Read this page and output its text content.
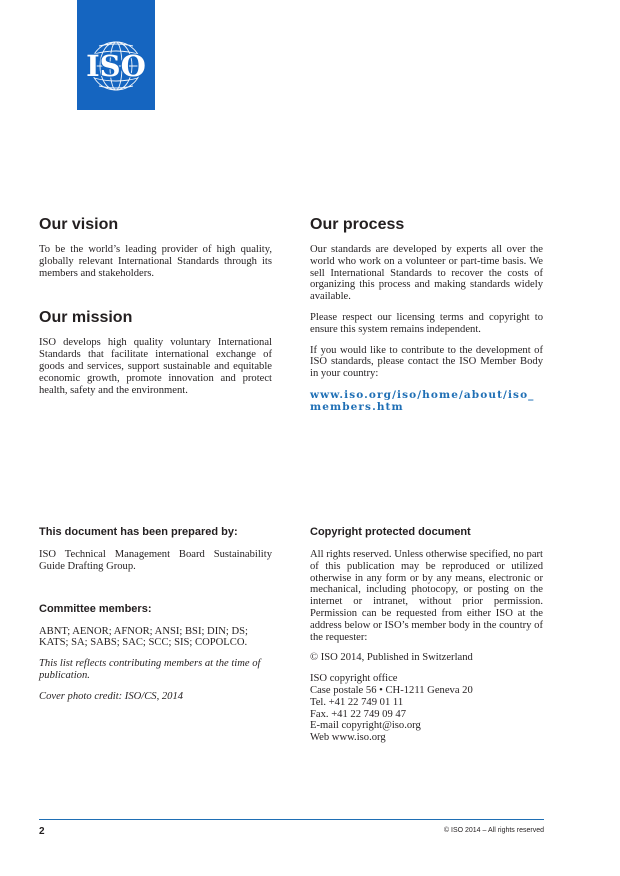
ISO
Our vision

To be the world’s leading provider of high quality, globally relevant International Standards through its members and stakeholders.

Our mission

ISO develops high quality voluntary International Standards that facilitate international exchange of goods and services, support sustainable and equitable economic growth, promote innovation and protect health, safety and the environment.

Our process

Our standards are developed by experts all over the world who work on a volunteer or part-time basis. We sell International Standards to recover the costs of organizing this process and making standards widely available.

Please respect our licensing terms and copyright to ensure this system remains independent.

If you would like to contribute to the development of ISO standards, please contact the ISO Member Body in your country:

www.iso.org/iso/home/about/iso_members.htm
This document has been prepared by:

ISO Technical Management Board Sustainability Guide Drafting Group.

Committee members:

ABNT; AENOR; AFNOR; ANSI; BSI; DIN; DS; KATS; SA; SABS; SAC; SCC; SIS; COPOLCO.

This list reflects contributing members at the time of publication.

Cover photo credit: ISO/CS, 2014

Copyright protected document

All rights reserved. Unless otherwise specified, no part of this publication may be reproduced or utilized otherwise in any form or by any means, electronic or mechanical, including photocopy, or posting on the internet or intranet, without prior permission. Permission can be requested from either ISO at the address below or ISO’s member body in the country of the requester:

© ISO 2014, Published in Switzerland

ISO copyright office
Case postale 56 • CH-1211 Geneva 20
Tel. +41 22 749 01 11
Fax. +41 22 749 09 47
E-mail copyright@iso.org
Web www.iso.org
2	© ISO 2014 – All rights reserved
